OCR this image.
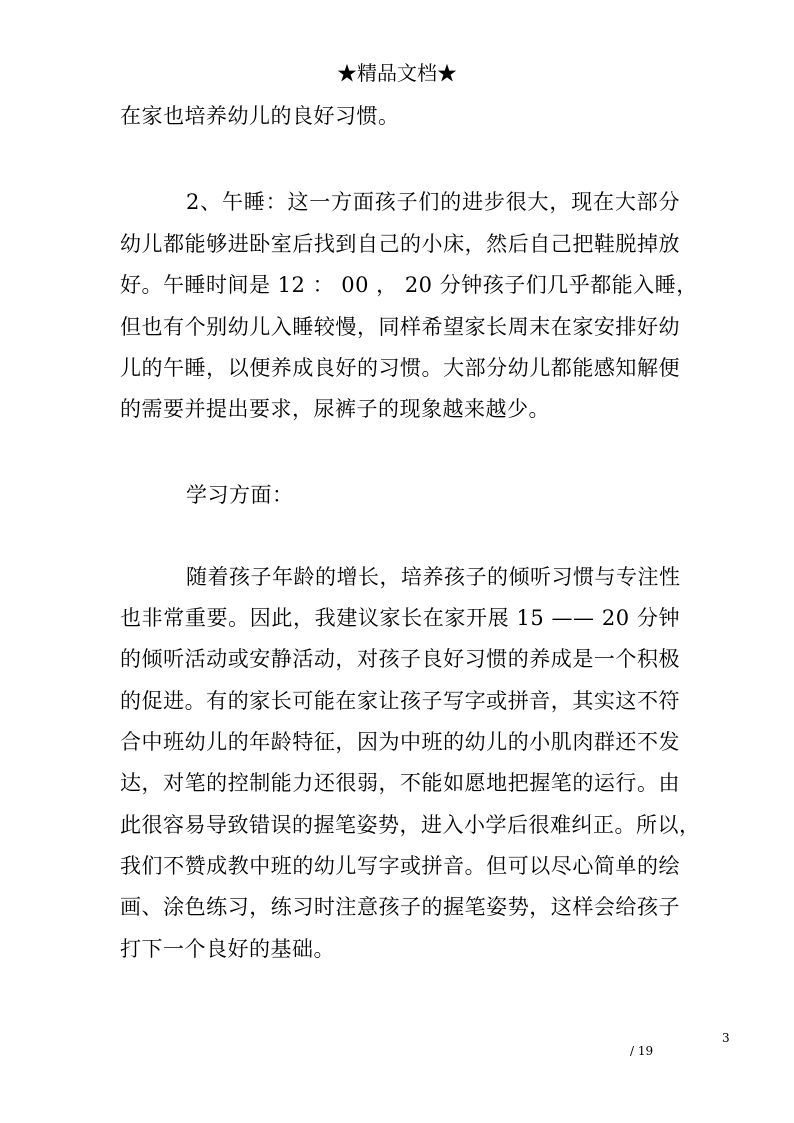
★精品文档★
在家也培养幼儿的良好习惯。
2、午睡：这一方面孩子们的进步很大，现在大部分
幼儿都能够进卧室后找到自己的小床，然后自己把鞋脱掉放
好。午睡时间是 12 ： 00 ， 20 分钟孩子们几乎都能入睡，
但也有个别幼儿入睡较慢，同样希望家长周末在家安排好幼
儿的午睡，以便养成良好的习惯。大部分幼儿都能感知解便
的需要并提出要求，尿裤子的现象越来越少。
学习方面：
随着孩子年龄的增长，培养孩子的倾听习惯与专注性
也非常重要。因此，我建议家长在家开展 15 —— 20 分钟
的倾听活动或安静活动，对孩子良好习惯的养成是一个积极
的促进。有的家长可能在家让孩子写字或拼音，其实这不符
合中班幼儿的年龄特征，因为中班的幼儿的小肌肉群还不发
达，对笔的控制能力还很弱，不能如愿地把握笔的运行。由
此很容易导致错误的握笔姿势，进入小学后很难纠正。所以，
我们不赞成教中班的幼儿写字或拼音。但可以尽心简单的绘
画、涂色练习，练习时注意孩子的握笔姿势，这样会给孩子
打下一个良好的基础。
3
/ 19
